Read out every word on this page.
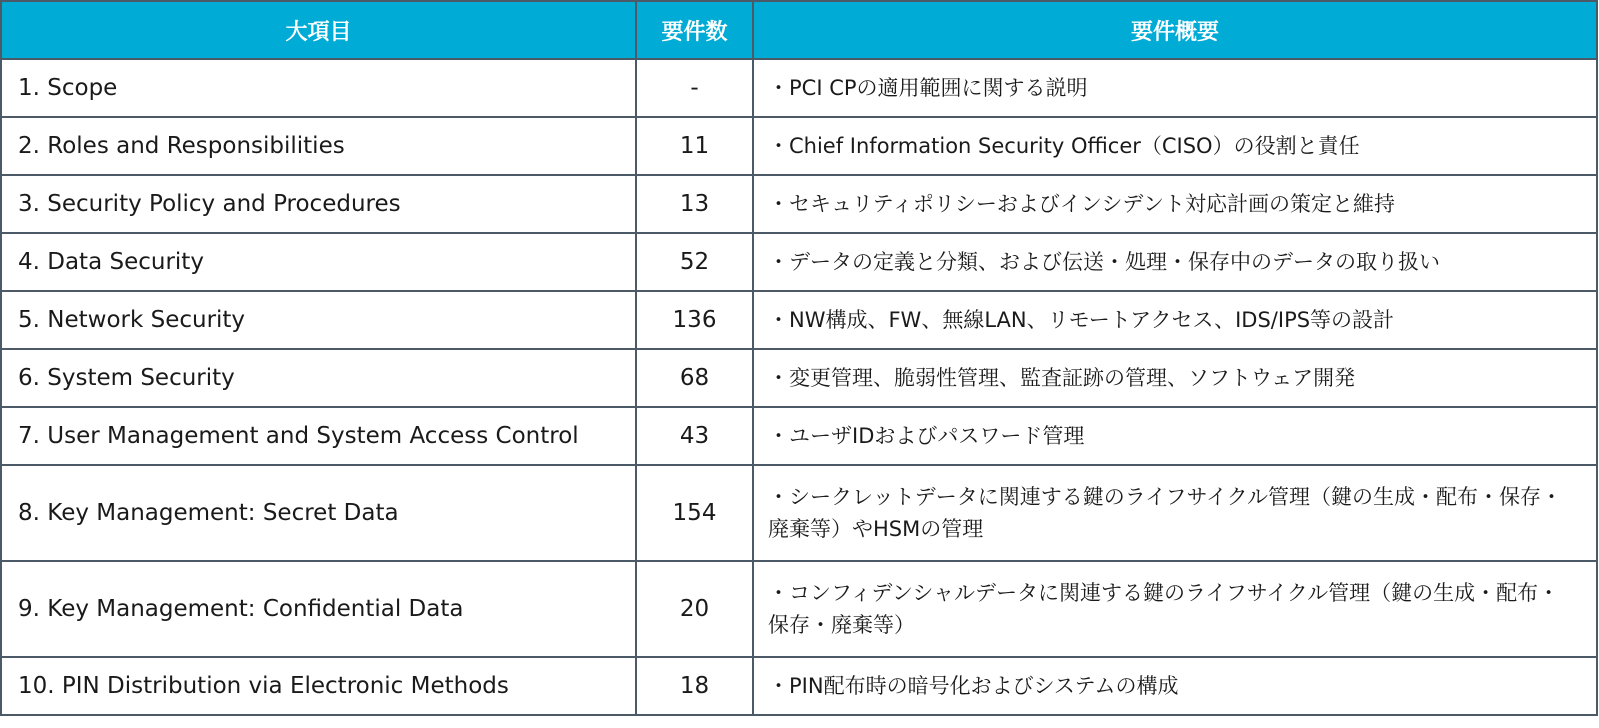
大項目	要件数	要件概要
1. Scope	-	・PCI CPの適用範囲に関する説明
2. Roles and Responsibilities	11	・Chief Information Security Officer（CISO）の役割と責任
3. Security Policy and Procedures	13	・セキュリティポリシーおよびインシデント対応計画の策定と維持
4. Data Security	52	・データの定義と分類、および伝送・処理・保存中のデータの取り扱い
5. Network Security	136	・NW構成、FW、無線LAN、リモートアクセス、IDS/IPS等の設計
6. System Security	68	・変更管理、脆弱性管理、監査証跡の管理、ソフトウェア開発
7. User Management and System Access Control	43	・ユーザIDおよびパスワード管理
8. Key Management: Secret Data	154	・シークレットデータに関連する鍵のライフサイクル管理（鍵の生成・配布・保存・廃棄等）やHSMの管理
9. Key Management: Confidential Data	20	・コンフィデンシャルデータに関連する鍵のライフサイクル管理（鍵の生成・配布・保存・廃棄等）
10. PIN Distribution via Electronic Methods	18	・PIN配布時の暗号化およびシステムの構成
